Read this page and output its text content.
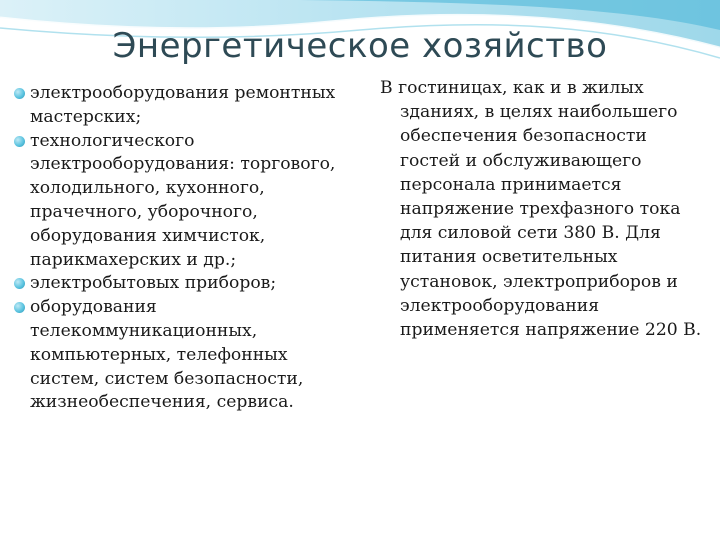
Энергетическое хозяйство
электрооборудования ремонтных мастерских;
технологического электрооборудования: торгового, холодильного, кухонного, прачечного, уборочного, оборудования химчисток, парикмахерских и др.;
электробытовых приборов;
оборудования телекоммуникационных, компьютерных, телефонных систем, систем безопасности, жизнеобеспечения, сервиса.
В гостиницах, как и в жилых
зданиях, в целях наибольшего обеспечения безопасности гостей и обслуживающего персонала принимается напряжение трехфазного тока для силовой сети 380 В. Для питания осветительных установок, электроприборов и электрооборудования применяется напряжение 220 В.
